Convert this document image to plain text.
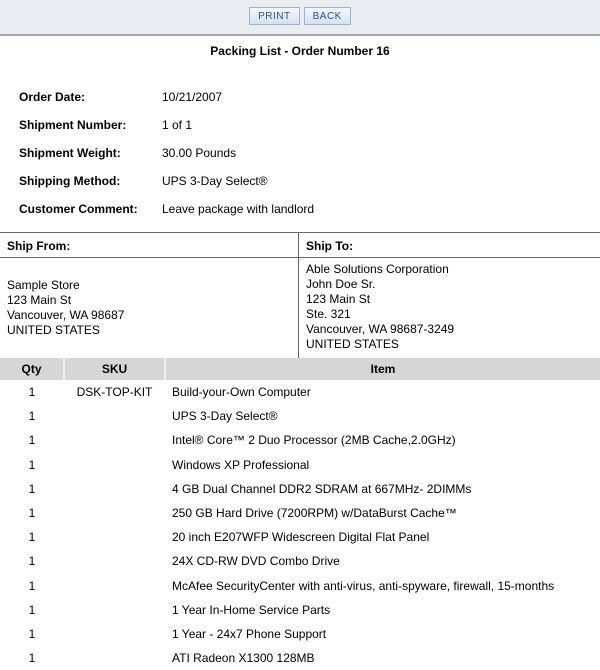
PRINT	BACK
Packing List - Order Number 16
Order Date:	10/21/2007
Shipment Number:	1 of 1
Shipment Weight:	30.00 Pounds
Shipping Method:	UPS 3-Day Select®
Customer Comment:	Leave package with landlord
Ship From:
Sample Store
123 Main St
Vancouver, WA 98687
UNITED STATES
Ship To:
Able Solutions Corporation
John Doe Sr.
123 Main St
Ste. 321
Vancouver, WA 98687-3249
UNITED STATES
Qty	SKU	Item
1	DSK-TOP-KIT	Build-your-Own Computer
1		UPS 3-Day Select®
1		Intel® Core™ 2 Duo Processor (2MB Cache,2.0GHz)
1		Windows XP Professional
1		4 GB Dual Channel DDR2 SDRAM at 667MHz- 2DIMMs
1		250 GB Hard Drive (7200RPM) w/DataBurst Cache™
1		20 inch E207WFP Widescreen Digital Flat Panel
1		24X CD-RW DVD Combo Drive
1		McAfee SecurityCenter with anti-virus, anti-spyware, firewall, 15-months
1		1 Year In-Home Service Parts
1		1 Year - 24x7 Phone Support
1		ATI Radeon X1300 128MB
